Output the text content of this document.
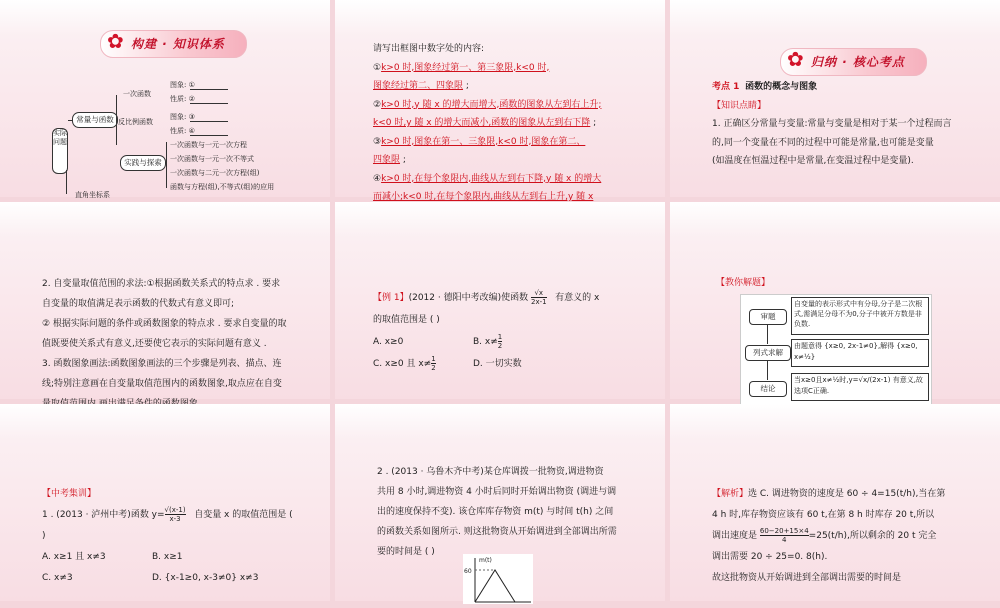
✿ 构建 · 知识体系
实际问题
常量与函数
实践与探索
直角坐标系
一次函数
反比例函数
图象: ①
性质: ②
图象: ③
性质: ④
一次函数与一元一次方程
一次函数与一元一次不等式
一次函数与二元一次方程(组)
函数与方程(组),不等式(组)的应用
请写出框图中数字处的内容:
①k>0 时,图象经过第一、第三象限,k<0 时,
图象经过第二、四象限 ;
②k>0 时,y 随 x 的增大而增大,函数的图象从左到右上升;
k<0 时,y 随 x 的增大而减小,函数的图象从左到右下降 ;
③k>0 时,图象在第一、三象限,k<0 时,图象在第二、
四象限 ;
④k>0 时,在每个象限内,曲线从左到右下降,y 随 x 的增大
而减小;k<0 时,在每个象限内,曲线从左到右上升,y 随 x
✿ 归纳 · 核心考点
考点 1 函数的概念与图象
【知识点睛】
1. 正确区分常量与变量:常量与变量是相对于某一个过程而言
的,同一个变量在不同的过程中可能是常量,也可能是变量
(如温度在恒温过程中是常量,在变温过程中是变量).
2. 自变量取值范围的求法:①根据函数关系式的特点求 . 要求
自变量的取值满足表示函数的代数式有意义即可;
② 根据实际问题的条件或函数图象的特点求 . 要求自变量的取
值既要使关系式有意义,还要使它表示的实际问题有意义 .
3. 函数图象画法:函数图象画法的三个步骤是列表、描点、连
线;特别注意画在自变量取值范围内的函数图象,取点应在自变
【例 1】(2012 · 德阳中考改编)使函数 $\frac{√x}{2x-1}$ 有意义的 x
的取值范围是 ( )
A. x≥0	B. $x\ne \frac{1}{2}$
C. x≥0 且 $x\ne \frac{1}{2}$	D. 一切实数
【教你解题】
审题
自变量的表示形式中有分母,分子是二次根式,需满足分母不为0,分子中被开方数是非负数.
列式求解
由题意得 {x≥0, 2x-1≠0},解得 {x≥0, x≠½}
结论
当x≥0且x≠½时,y=√x/(2x-1) 有意义,故选项C正确.
【中考集训】
1 . (2013 · 泸州中考)函数 $y= \frac{√(x-1)}{x-3}$ 自变量 x 的取值范围是 (
)
A. x≥1 且 x≠3	B. x≥1
C. x≠3	D. {x-1≥0, x-3≠0} x≠3
2 . (2013 · 乌鲁木齐中考)某仓库调拨一批物资,调进物资
共用 8 小时,调进物资 4 小时后同时开始调出物资 (调进与调
出的速度保持不变). 该仓库库存物资 m(t) 与时间 t(h) 之间
的函数关系如图所示. 则这批物资从开始调进到全部调出所需
要的时间是 ( )
m(t)
60
【解析】选 C. 调进物资的速度是 60 ÷ 4=15(t/h),当在第
4 h 时,库存物资应该有 60 t,在第 8 h 时库存 20 t,所以
调出速度是 $\frac{60-20+15\times 4}{4} =25(t/h)$,所以剩余的 20 t 完全
调出需要 20 ÷ 25=0. 8(h).
故这批物资从开始调进到全部调出需要的时间是
